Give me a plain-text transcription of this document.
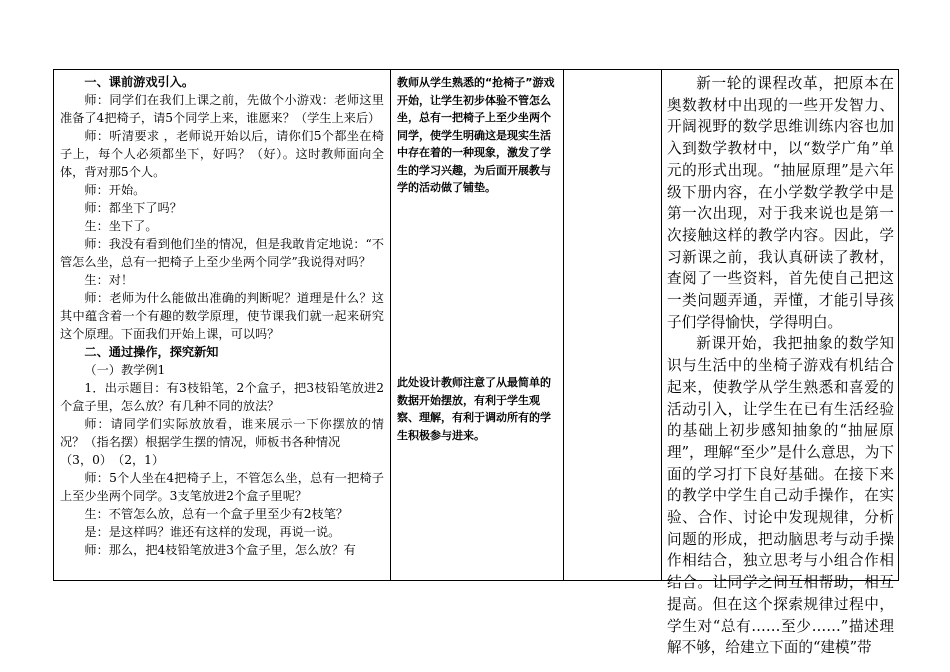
一、课前游戏引入。

师：同学们在我们上课之前，先做个小游戏：老师这里准备了4把椅子，请5个同学上来，谁愿来？（学生上来后）

师：听清要求 ，老师说开始以后，请你们5个都坐在椅子上，每个人必须都坐下，好吗？（好）。这时教师面向全体，背对那5个人。

师：开始。

师：都坐下了吗？

生：坐下了。

师：我没有看到他们坐的情况，但是我敢肯定地说：“不管怎么坐，总有一把椅子上至少坐两个同学”我说得对吗？

生：对！

师：老师为什么能做出准确的判断呢？道理是什么？这其中蕴含着一个有趣的数学原理，使节课我们就一起来研究这个原理。下面我们开始上课，可以吗？

二、通过操作，探究新知

（一）教学例1

1．出示题目：有3枝铅笔，2个盒子，把3枝铅笔放进2个盒子里，怎么放？有几种不同的放法？

师：请同学们实际放放看，谁来展示一下你摆放的情况？（指名摆）根据学生摆的情况，师板书各种情况

（3，0）　（2，1）

师：5个人坐在4把椅子上，不管怎么坐，总有一把椅子上至少坐两个同学。3支笔放进2个盒子里呢？

生：不管怎么放，总有一个盒子里至少有2枝笔？

是：是这样吗？谁还有这样的发现，再说一说。

师：那么，把4枝铅笔放进3个盒子里，怎么放？有

教师从学生熟悉的“抢椅子”游戏开始，让学生初步体验不管怎么坐，总有一把椅子上至少坐两个同学，使学生明确这是现实生活中存在着的一种现象，激发了学生的学习兴趣，为后面开展教与学的活动做了铺垫。

此处设计教师注意了从最简单的数据开始摆放，有利于学生观察、理解，有利于调动所有的学生积极参与进来。

新一轮的课程改革，把原本在奥数教材中出现的一些开发智力、开阔视野的数学思维训练内容也加入到数学教材中，以“数学广角”单元的形式出现。“抽屉原理”是六年级下册内容，在小学数学教学中是第一次出现，对于我来说也是第一次接触这样的教学内容。因此，学习新课之前，我认真研读了教材，查阅了一些资料，首先使自己把这一类问题弄通，弄懂，才能引导孩子们学得愉快，学得明白。

新课开始，我把抽象的数学知识与生活中的坐椅子游戏有机结合起来，使教学从学生熟悉和喜爱的活动引入，让学生在已有生活经验的基础上初步感知抽象的“抽屉原理”，理解“至少”是什么意思，为下面的学习打下良好基础。在接下来的教学中学生自己动手操作，在实验、合作、讨论中发现规律，分析问题的形成，把动脑思考与动手操作相结合，独立思考与小组合作相结合。让同学之间互相帮助，相互提高。但在这个探索规律过程中，学生对“总有……至少……”描述理解不够，给建立下面的“建模”带
